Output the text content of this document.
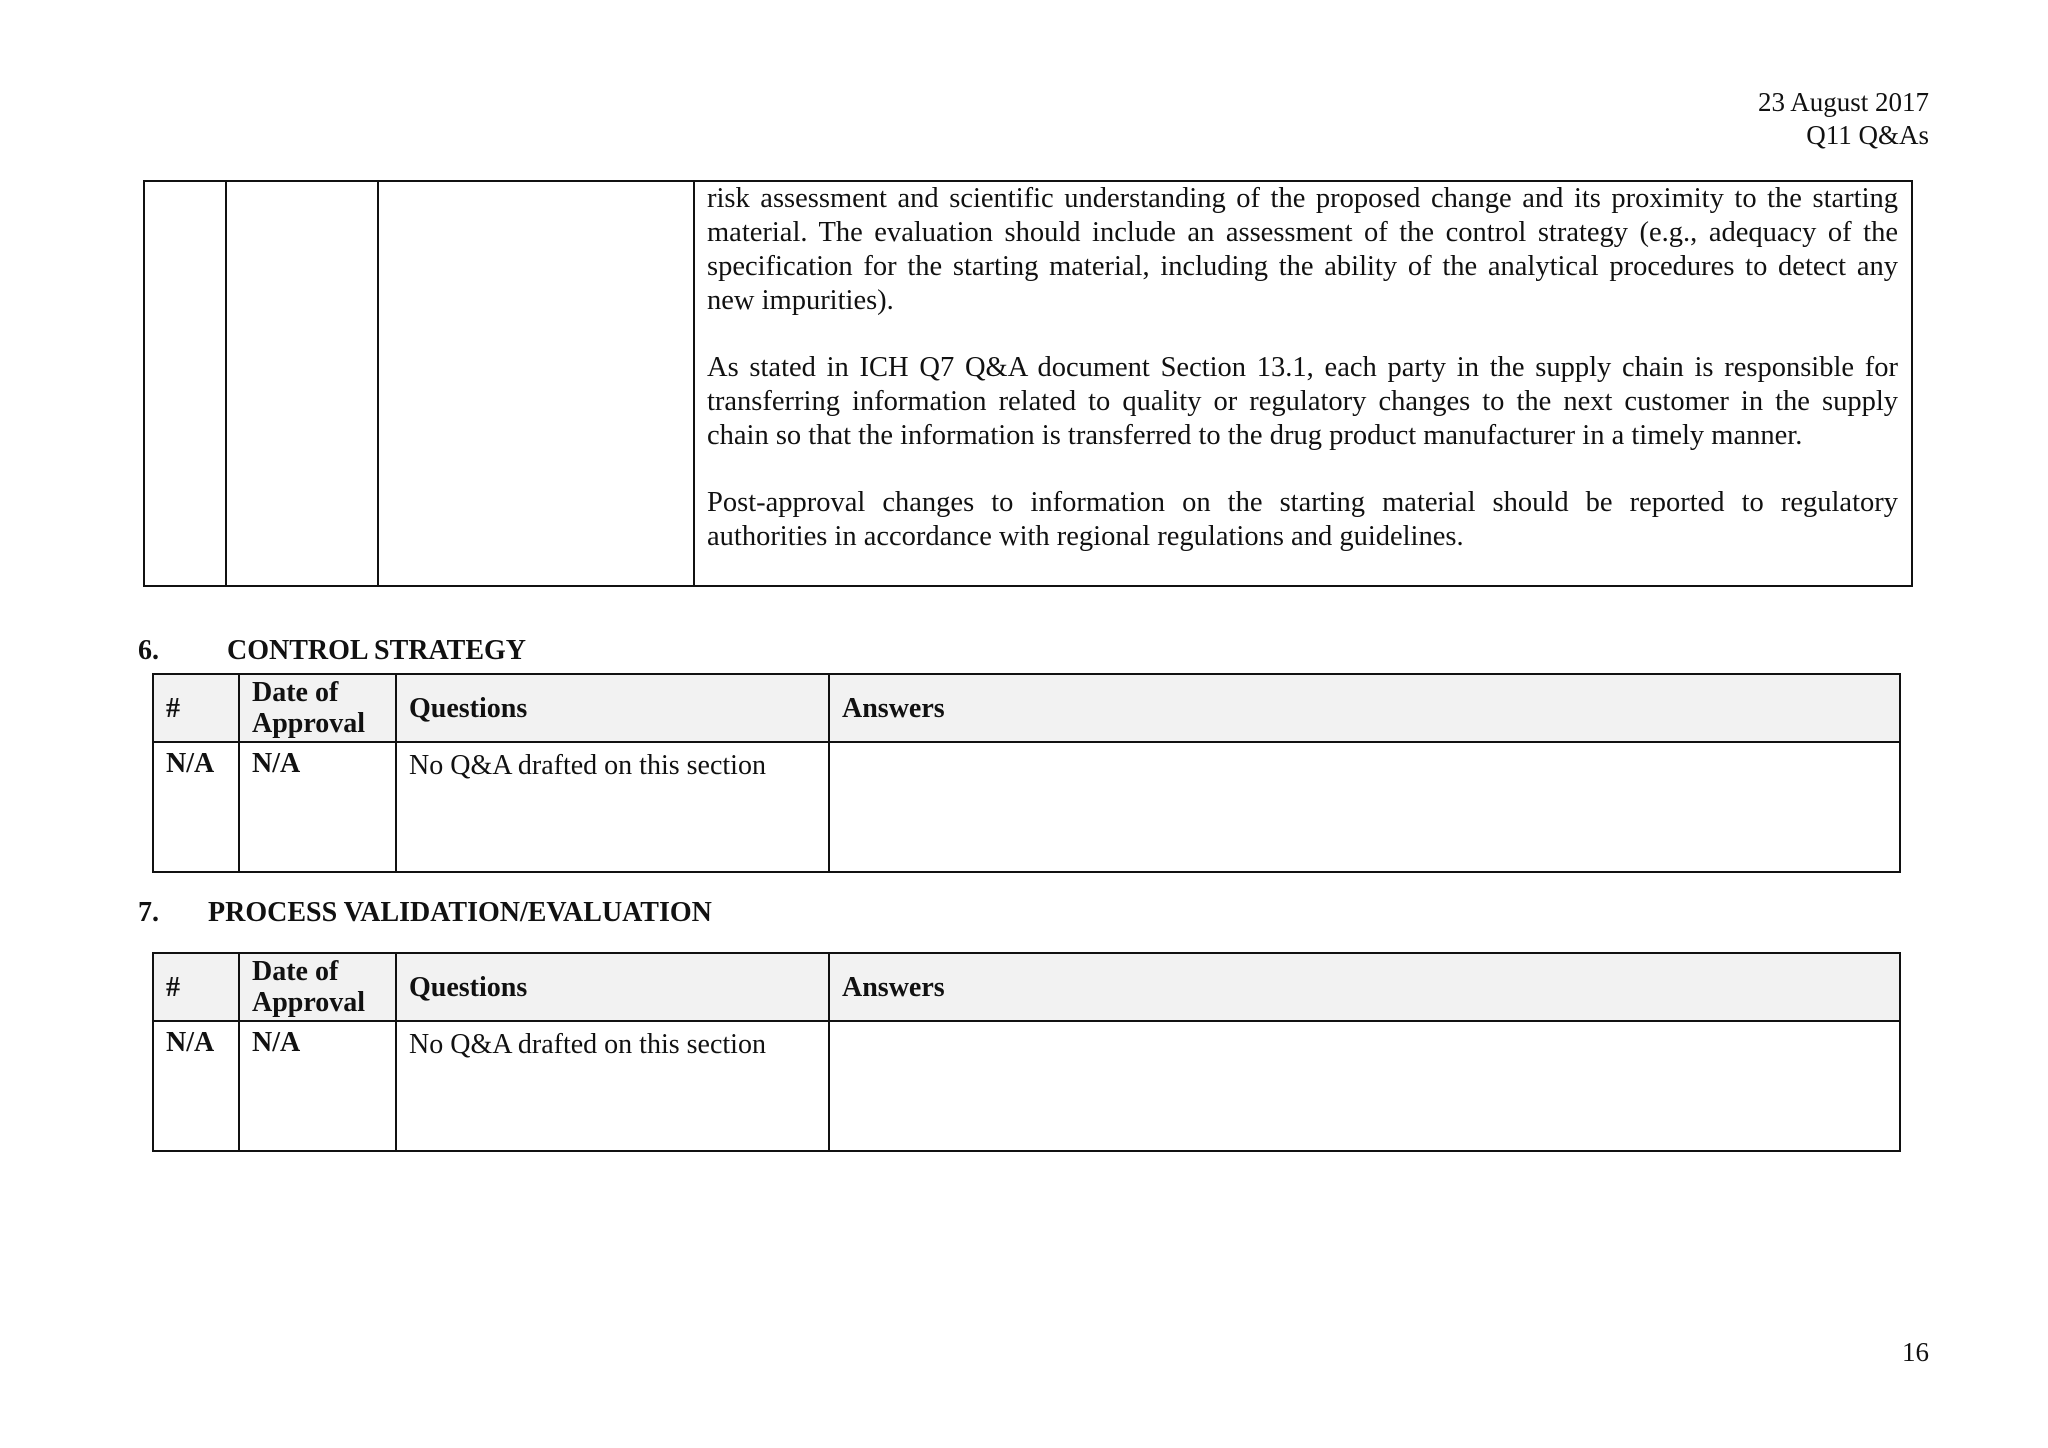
23 August 2017
Q11 Q&As

risk assessment and scientific understanding of the proposed change and its proximity to the starting material. The evaluation should include an assessment of the control strategy (e.g., adequacy of the specification for the starting material, including the ability of the analytical procedures to detect any new impurities).

As stated in ICH Q7 Q&A document Section 13.1, each party in the supply chain is responsible for transferring information related to quality or regulatory changes to the next customer in the supply chain so that the information is transferred to the drug product manufacturer in a timely manner.

Post-approval changes to information on the starting material should be reported to regulatory authorities in accordance with regional regulations and guidelines.

6. CONTROL STRATEGY
#	Date of Approval	Questions	Answers
N/A	N/A	No Q&A drafted on this section	
7. PROCESS VALIDATION/EVALUATION
#	Date of Approval	Questions	Answers
N/A	N/A	No Q&A drafted on this section	
16
